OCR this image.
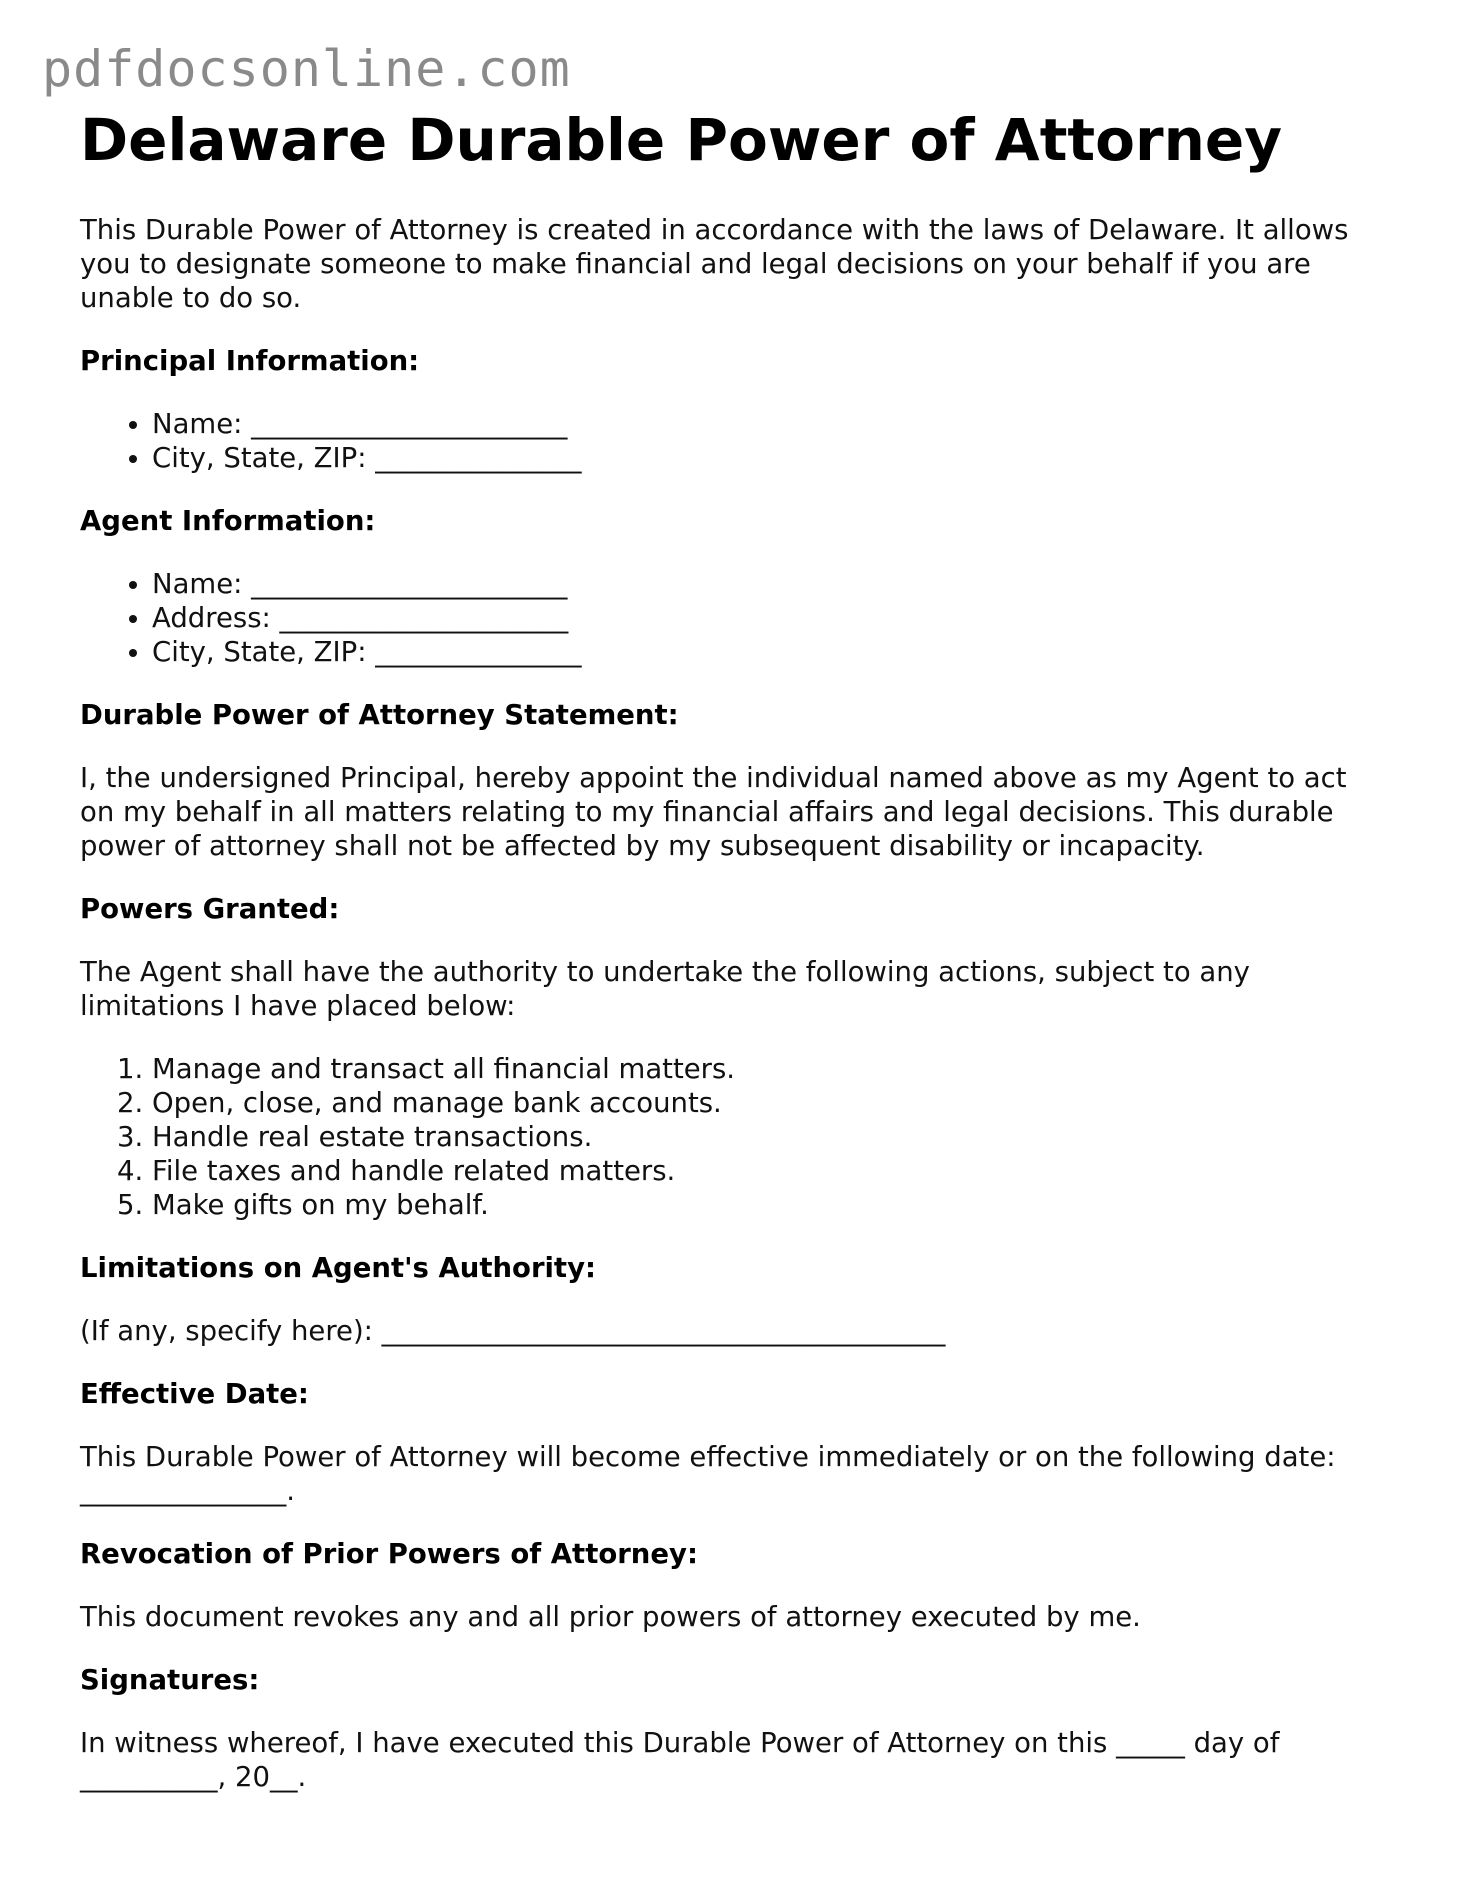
pdfdocsonline.com
Delaware Durable Power of Attorney

This Durable Power of Attorney is created in accordance with the laws of Delaware. It allows you to designate someone to make financial and legal decisions on your behalf if you are unable to do so.

Principal Information:
• Name: _______________________
• City, State, ZIP: _______________
Agent Information:
• Name: _______________________
• Address: _____________________
• City, State, ZIP: _______________
Durable Power of Attorney Statement:

I, the undersigned Principal, hereby appoint the individual named above as my Agent to act on my behalf in all matters relating to my financial affairs and legal decisions. This durable power of attorney shall not be affected by my subsequent disability or incapacity.

Powers Granted:

The Agent shall have the authority to undertake the following actions, subject to any limitations I have placed below:

1. Manage and transact all financial matters.
2. Open, close, and manage bank accounts.
3. Handle real estate transactions.
4. File taxes and handle related matters.
5. Make gifts on my behalf.
Limitations on Agent's Authority:

(If any, specify here): _________________________________________

Effective Date:

This Durable Power of Attorney will become effective immediately or on the following date: _______________.

Revocation of Prior Powers of Attorney:

This document revokes any and all prior powers of attorney executed by me.

Signatures:

In witness whereof, I have executed this Durable Power of Attorney on this _____ day of __________, 20__.
